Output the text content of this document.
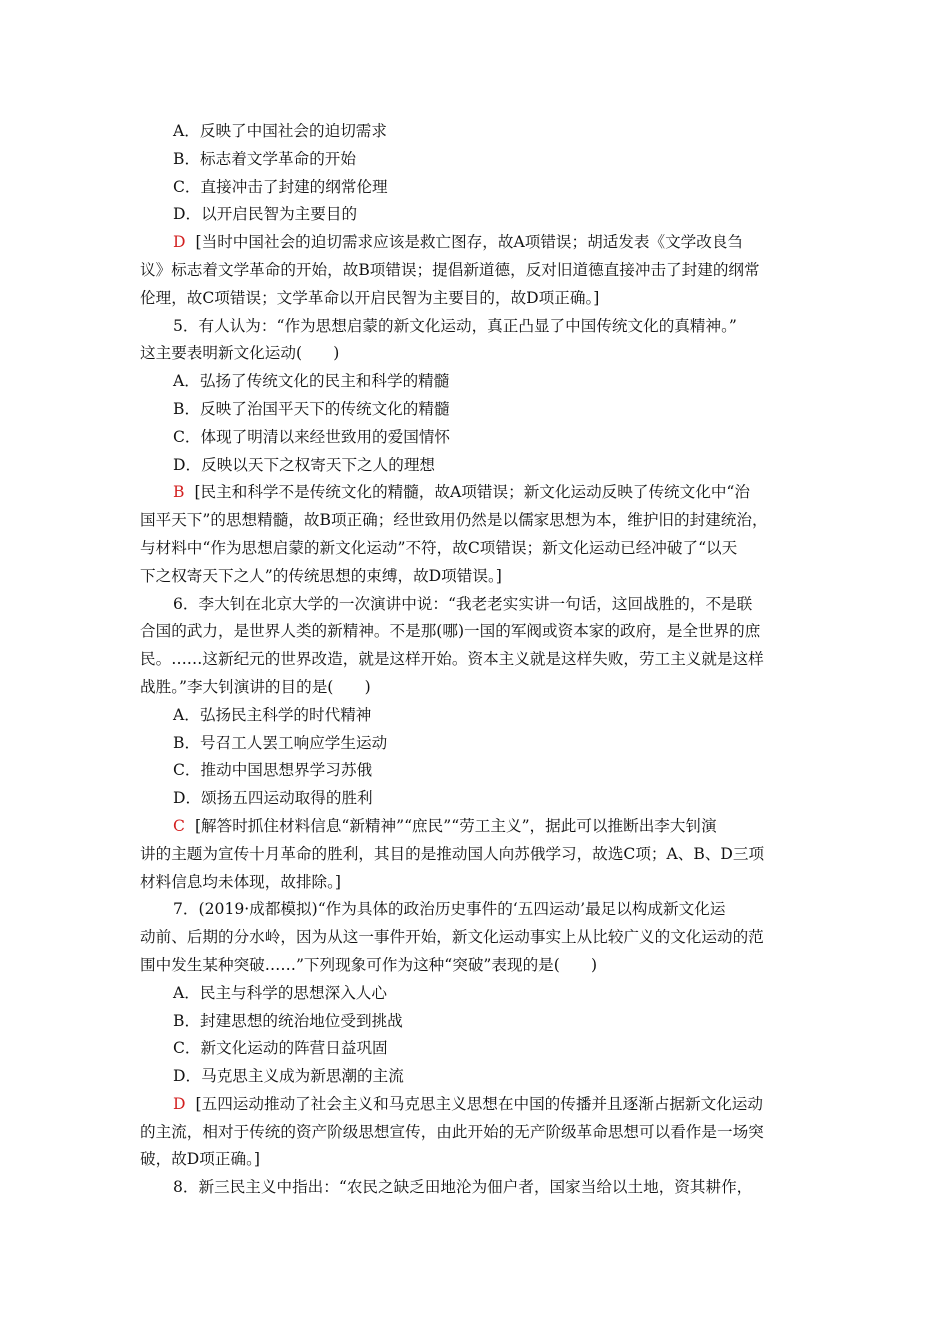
A．反映了中国社会的迫切需求
B．标志着文学革命的开始
C．直接冲击了封建的纲常伦理
D．以开启民智为主要目的
D [当时中国社会的迫切需求应该是救亡图存，故A项错误；胡适发表《文学改良刍
议》标志着文学革命的开始，故B项错误；提倡新道德，反对旧道德直接冲击了封建的纲常
伦理，故C项错误；文学革命以开启民智为主要目的，故D项正确。]
5．有人认为：“作为思想启蒙的新文化运动，真正凸显了中国传统文化的真精神。”
这主要表明新文化运动(　　)
A．弘扬了传统文化的民主和科学的精髓
B．反映了治国平天下的传统文化的精髓
C．体现了明清以来经世致用的爱国情怀
D．反映以天下之权寄天下之人的理想
B [民主和科学不是传统文化的精髓，故A项错误；新文化运动反映了传统文化中“治
国平天下”的思想精髓，故B项正确；经世致用仍然是以儒家思想为本，维护旧的封建统治，
与材料中“作为思想启蒙的新文化运动”不符，故C项错误；新文化运动已经冲破了“以天
下之权寄天下之人”的传统思想的束缚，故D项错误。]
6．李大钊在北京大学的一次演讲中说：“我老老实实讲一句话，这回战胜的，不是联
合国的武力，是世界人类的新精神。不是那(哪)一国的军阀或资本家的政府，是全世界的庶
民。……这新纪元的世界改造，就是这样开始。资本主义就是这样失败，劳工主义就是这样
战胜。”李大钊演讲的目的是(　　)
A．弘扬民主科学的时代精神
B．号召工人罢工响应学生运动
C．推动中国思想界学习苏俄
D．颂扬五四运动取得的胜利
C [解答时抓住材料信息“新精神”“庶民”“劳工主义”，据此可以推断出李大钊演
讲的主题为宣传十月革命的胜利，其目的是推动国人向苏俄学习，故选C项；A、B、D三项
材料信息均未体现，故排除。]
7．(2019·成都模拟)“作为具体的政治历史事件的‘五四运动’最足以构成新文化运
动前、后期的分水岭，因为从这一事件开始，新文化运动事实上从比较广义的文化运动的范
围中发生某种突破……”下列现象可作为这种“突破”表现的是(　　)
A．民主与科学的思想深入人心
B．封建思想的统治地位受到挑战
C．新文化运动的阵营日益巩固
D．马克思主义成为新思潮的主流
D [五四运动推动了社会主义和马克思主义思想在中国的传播并且逐渐占据新文化运动
的主流，相对于传统的资产阶级思想宣传，由此开始的无产阶级革命思想可以看作是一场突
破，故D项正确。]
8．新三民主义中指出：“农民之缺乏田地沦为佃户者，国家当给以土地，资其耕作，
